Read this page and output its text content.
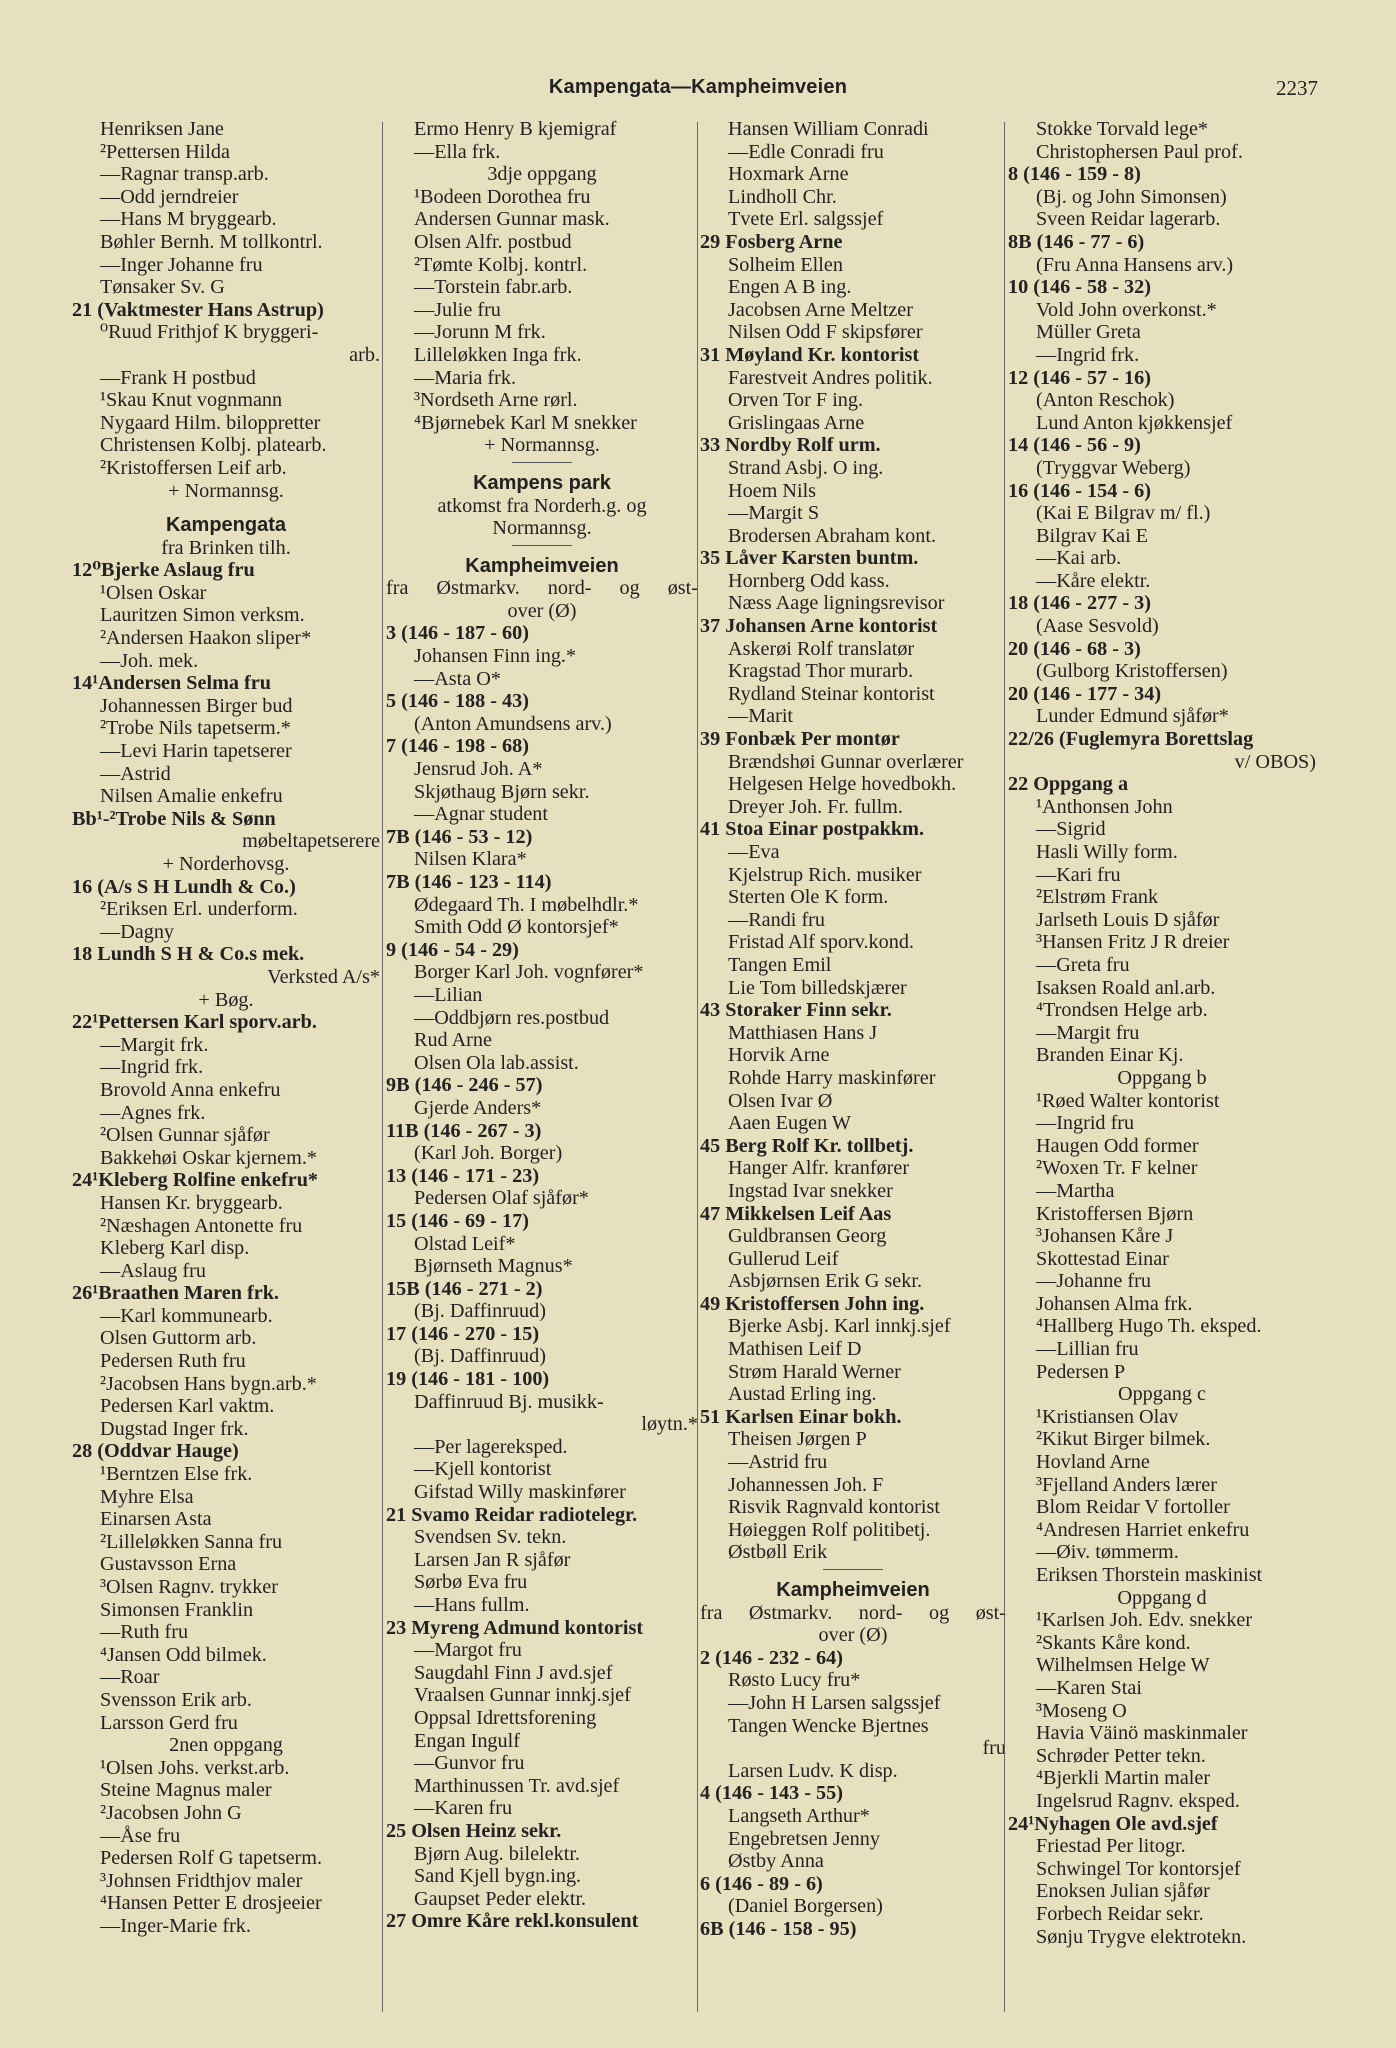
Kampengata—Kampheimveien	2237
Henriksen Jane
²Pettersen Hilda
—Ragnar transp.arb.
—Odd jerndreier
—Hans M bryggearb.
Bøhler Bernh. M tollkontrl.
—Inger Johanne fru
Tønsaker Sv. G
21 (Vaktmester Hans Astrup)
⁰Ruud Frithjof K bryggeri-
arb.
—Frank H postbud
¹Skau Knut vognmann
Nygaard Hilm. biloppretter
Christensen Kolbj. platearb.
²Kristoffersen Leif arb.
+ Normannsg.
Kampengata
fra Brinken tilh.
12⁰Bjerke Aslaug fru
¹Olsen Oskar
Lauritzen Simon verksm.
²Andersen Haakon sliper*
—Joh. mek.
14¹Andersen Selma fru
Johannessen Birger bud
²Trobe Nils tapetserm.*
—Levi Harin tapetserer
—Astrid
Nilsen Amalie enkefru
Bb¹-²Trobe Nils & Sønn
møbeltapetserere
+ Norderhovsg.
16 (A/s S H Lundh & Co.)
²Eriksen Erl. underform.
—Dagny
18 Lundh S H & Co.s mek.
Verksted A/s*
+ Bøg.
22¹Pettersen Karl sporv.arb.
—Margit frk.
—Ingrid frk.
Brovold Anna enkefru
—Agnes frk.
²Olsen Gunnar sjåfør
Bakkehøi Oskar kjernem.*
24¹Kleberg Rolfine enkefru*
Hansen Kr. bryggearb.
²Næshagen Antonette fru
Kleberg Karl disp.
—Aslaug fru
26¹Braathen Maren frk.
—Karl kommunearb.
Olsen Guttorm arb.
Pedersen Ruth fru
²Jacobsen Hans bygn.arb.*
Pedersen Karl vaktm.
Dugstad Inger frk.
28 (Oddvar Hauge)
¹Berntzen Else frk.
Myhre Elsa
Einarsen Asta
²Lilleløkken Sanna fru
Gustavsson Erna
³Olsen Ragnv. trykker
Simonsen Franklin
—Ruth fru
⁴Jansen Odd bilmek.
—Roar
Svensson Erik arb.
Larsson Gerd fru
2nen oppgang
¹Olsen Johs. verkst.arb.
Steine Magnus maler
²Jacobsen John G
—Åse fru
Pedersen Rolf G tapetserm.
³Johnsen Fridthjov maler
⁴Hansen Petter E drosjeeier
—Inger-Marie frk.
Ermo Henry B kjemigraf
—Ella frk.
3dje oppgang
¹Bodeen Dorothea fru
Andersen Gunnar mask.
Olsen Alfr. postbud
²Tømte Kolbj. kontrl.
—Torstein fabr.arb.
—Julie fru
—Jorunn M frk.
Lilleløkken Inga frk.
—Maria frk.
³Nordseth Arne rørl.
⁴Bjørnebek Karl M snekker
+ Normannsg.
Kampens park
atkomst fra Norderh.g. og
Normannsg.
Kampheimveien
fra Østmarkv. nord- og øst-
over (Ø)
3 (146 - 187 - 60)
Johansen Finn ing.*
—Asta O*
5 (146 - 188 - 43)
(Anton Amundsens arv.)
7 (146 - 198 - 68)
Jensrud Joh. A*
Skjøthaug Bjørn sekr.
—Agnar student
7B (146 - 53 - 12)
Nilsen Klara*
7B (146 - 123 - 114)
Ødegaard Th. I møbelhdlr.*
Smith Odd Ø kontorsjef*
9 (146 - 54 - 29)
Borger Karl Joh. vognfører*
—Lilian
—Oddbjørn res.postbud
Rud Arne
Olsen Ola lab.assist.
9B (146 - 246 - 57)
Gjerde Anders*
11B (146 - 267 - 3)
(Karl Joh. Borger)
13 (146 - 171 - 23)
Pedersen Olaf sjåfør*
15 (146 - 69 - 17)
Olstad Leif*
Bjørnseth Magnus*
15B (146 - 271 - 2)
(Bj. Daffinruud)
17 (146 - 270 - 15)
(Bj. Daffinruud)
19 (146 - 181 - 100)
Daffinruud Bj. musikk-
løytn.*
—Per lagereksped.
—Kjell kontorist
Gifstad Willy maskinfører
21 Svamo Reidar radiotelegr.
Svendsen Sv. tekn.
Larsen Jan R sjåfør
Sørbø Eva fru
—Hans fullm.
23 Myreng Admund kontorist
—Margot fru
Saugdahl Finn J avd.sjef
Vraalsen Gunnar innkj.sjef
Oppsal Idrettsforening
Engan Ingulf
—Gunvor fru
Marthinussen Tr. avd.sjef
—Karen fru
25 Olsen Heinz sekr.
Bjørn Aug. bilelektr.
Sand Kjell bygn.ing.
Gaupset Peder elektr.
27 Omre Kåre rekl.konsulent
Hansen William Conradi
—Edle Conradi fru
Hoxmark Arne
Lindholl Chr.
Tvete Erl. salgssjef
29 Fosberg Arne
Solheim Ellen
Engen A B ing.
Jacobsen Arne Meltzer
Nilsen Odd F skipsfører
31 Møyland Kr. kontorist
Farestveit Andres politik.
Orven Tor F ing.
Grislingaas Arne
33 Nordby Rolf urm.
Strand Asbj. O ing.
Hoem Nils
—Margit S
Brodersen Abraham kont.
35 Låver Karsten buntm.
Hornberg Odd kass.
Næss Aage ligningsrevisor
37 Johansen Arne kontorist
Askerøi Rolf translatør
Kragstad Thor murarb.
Rydland Steinar kontorist
—Marit
39 Fonbæk Per montør
Brændshøi Gunnar overlærer
Helgesen Helge hovedbokh.
Dreyer Joh. Fr. fullm.
41 Stoa Einar postpakkm.
—Eva
Kjelstrup Rich. musiker
Sterten Ole K form.
—Randi fru
Fristad Alf sporv.kond.
Tangen Emil
Lie Tom billedskjærer
43 Storaker Finn sekr.
Matthiasen Hans J
Horvik Arne
Rohde Harry maskinfører
Olsen Ivar Ø
Aaen Eugen W
45 Berg Rolf Kr. tollbetj.
Hanger Alfr. kranfører
Ingstad Ivar snekker
47 Mikkelsen Leif Aas
Guldbransen Georg
Gullerud Leif
Asbjørnsen Erik G sekr.
49 Kristoffersen John ing.
Bjerke Asbj. Karl innkj.sjef
Mathisen Leif D
Strøm Harald Werner
Austad Erling ing.
51 Karlsen Einar bokh.
Theisen Jørgen P
—Astrid fru
Johannessen Joh. F
Risvik Ragnvald kontorist
Høieggen Rolf politibetj.
Østbøll Erik
Kampheimveien
fra Østmarkv. nord- og øst-
over (Ø)
2 (146 - 232 - 64)
Røsto Lucy fru*
—John H Larsen salgssjef
Tangen Wencke Bjertnes
fru
Larsen Ludv. K disp.
4 (146 - 143 - 55)
Langseth Arthur*
Engebretsen Jenny
Østby Anna
6 (146 - 89 - 6)
(Daniel Borgersen)
6B (146 - 158 - 95)
Stokke Torvald lege*
Christophersen Paul prof.
8 (146 - 159 - 8)
(Bj. og John Simonsen)
Sveen Reidar lagerarb.
8B (146 - 77 - 6)
(Fru Anna Hansens arv.)
10 (146 - 58 - 32)
Vold John overkonst.*
Müller Greta
—Ingrid frk.
12 (146 - 57 - 16)
(Anton Reschok)
Lund Anton kjøkkensjef
14 (146 - 56 - 9)
(Tryggvar Weberg)
16 (146 - 154 - 6)
(Kai E Bilgrav m/ fl.)
Bilgrav Kai E
—Kai arb.
—Kåre elektr.
18 (146 - 277 - 3)
(Aase Sesvold)
20 (146 - 68 - 3)
(Gulborg Kristoffersen)
20 (146 - 177 - 34)
Lunder Edmund sjåfør*
22/26 (Fuglemyra Borettslag
v/ OBOS)
22 Oppgang a
¹Anthonsen John
—Sigrid
Hasli Willy form.
—Kari fru
²Elstrøm Frank
Jarlseth Louis D sjåfør
³Hansen Fritz J R dreier
—Greta fru
Isaksen Roald anl.arb.
⁴Trondsen Helge arb.
—Margit fru
Branden Einar Kj.
Oppgang b
¹Røed Walter kontorist
—Ingrid fru
Haugen Odd former
²Woxen Tr. F kelner
—Martha
Kristoffersen Bjørn
³Johansen Kåre J
Skottestad Einar
—Johanne fru
Johansen Alma frk.
⁴Hallberg Hugo Th. eksped.
—Lillian fru
Pedersen P
Oppgang c
¹Kristiansen Olav
²Kikut Birger bilmek.
Hovland Arne
³Fjelland Anders lærer
Blom Reidar V fortoller
⁴Andresen Harriet enkefru
—Øiv. tømmerm.
Eriksen Thorstein maskinist
Oppgang d
¹Karlsen Joh. Edv. snekker
²Skants Kåre kond.
Wilhelmsen Helge W
—Karen Stai
³Moseng O
Havia Väinö maskinmaler
Schrøder Petter tekn.
⁴Bjerkli Martin maler
Ingelsrud Ragnv. eksped.
24¹Nyhagen Ole avd.sjef
Friestad Per litogr.
Schwingel Tor kontorsjef
Enoksen Julian sjåfør
Forbech Reidar sekr.
Sønju Trygve elektrotekn.
